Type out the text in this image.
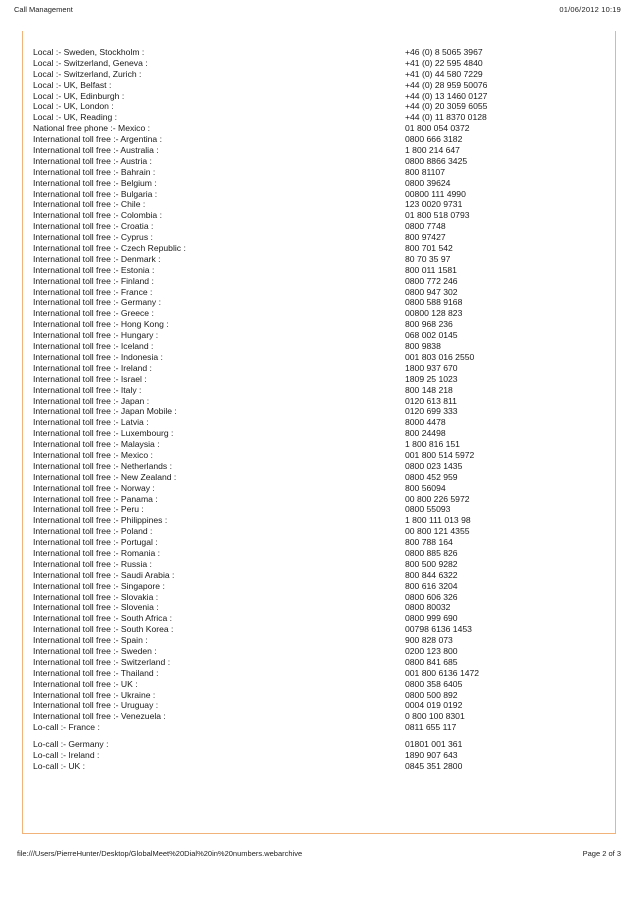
Call Management	01/06/2012 10:19
Local :- Sweden, Stockholm :	+46 (0) 8 5065 3967
Local :- Switzerland, Geneva :	+41 (0) 22 595 4840
Local :- Switzerland, Zurich :	+41 (0) 44 580 7229
Local :- UK, Belfast :	+44 (0) 28 959 50076
Local :- UK, Edinburgh :	+44 (0) 13 1460 0127
Local :- UK, London :	+44 (0) 20 3059 6055
Local :- UK, Reading :	+44 (0) 11 8370 0128
National free phone :- Mexico :	01 800 054 0372
International toll free :- Argentina :	0800 666 3182
International toll free :- Australia :	1 800 214 647
International toll free :- Austria :	0800 8866 3425
International toll free :- Bahrain :	800 81107
International toll free :- Belgium :	0800 39624
International toll free :- Bulgaria :	00800 111 4990
International toll free :- Chile :	123 0020 9731
International toll free :- Colombia :	01 800 518 0793
International toll free :- Croatia :	0800 7748
International toll free :- Cyprus :	800 97427
International toll free :- Czech Republic :	800 701 542
International toll free :- Denmark :	80 70 35 97
International toll free :- Estonia :	800 011 1581
International toll free :- Finland :	0800 772 246
International toll free :- France :	0800 947 302
International toll free :- Germany :	0800 588 9168
International toll free :- Greece :	00800 128 823
International toll free :- Hong Kong :	800 968 236
International toll free :- Hungary :	068 002 0145
International toll free :- Iceland :	800 9838
International toll free :- Indonesia :	001 803 016 2550
International toll free :- Ireland :	1800 937 670
International toll free :- Israel :	1809 25 1023
International toll free :- Italy :	800 148 218
International toll free :- Japan :	0120 613 811
International toll free :- Japan Mobile :	0120 699 333
International toll free :- Latvia :	8000 4478
International toll free :- Luxembourg :	800 24498
International toll free :- Malaysia :	1 800 816 151
International toll free :- Mexico :	001 800 514 5972
International toll free :- Netherlands :	0800 023 1435
International toll free :- New Zealand :	0800 452 959
International toll free :- Norway :	800 56094
International toll free :- Panama :	00 800 226 5972
International toll free :- Peru :	0800 55093
International toll free :- Philippines :	1 800 111 013 98
International toll free :- Poland :	00 800 121 4355
International toll free :- Portugal :	800 788 164
International toll free :- Romania :	0800 885 826
International toll free :- Russia :	800 500 9282
International toll free :- Saudi Arabia :	800 844 6322
International toll free :- Singapore :	800 616 3204
International toll free :- Slovakia :	0800 606 326
International toll free :- Slovenia :	0800 80032
International toll free :- South Africa :	0800 999 690
International toll free :- South Korea :	00798 6136 1453
International toll free :- Spain :	900 828 073
International toll free :- Sweden :	0200 123 800
International toll free :- Switzerland :	0800 841 685
International toll free :- Thailand :	001 800 6136 1472
International toll free :- UK :	0800 358 6405
International toll free :- Ukraine :	0800 500 892
International toll free :- Uruguay :	0004 019 0192
International toll free :- Venezuela :	0 800 100 8301
Lo-call :- France :	0811 655 117
Lo-call :- Germany :	01801 001 361
Lo-call :- Ireland :	1890 907 643
Lo-call :- UK :	0845 351 2800
file:///Users/PierreHunter/Desktop/GlobalMeet%20Dial%20in%20numbers.webarchive	Page 2 of 3
